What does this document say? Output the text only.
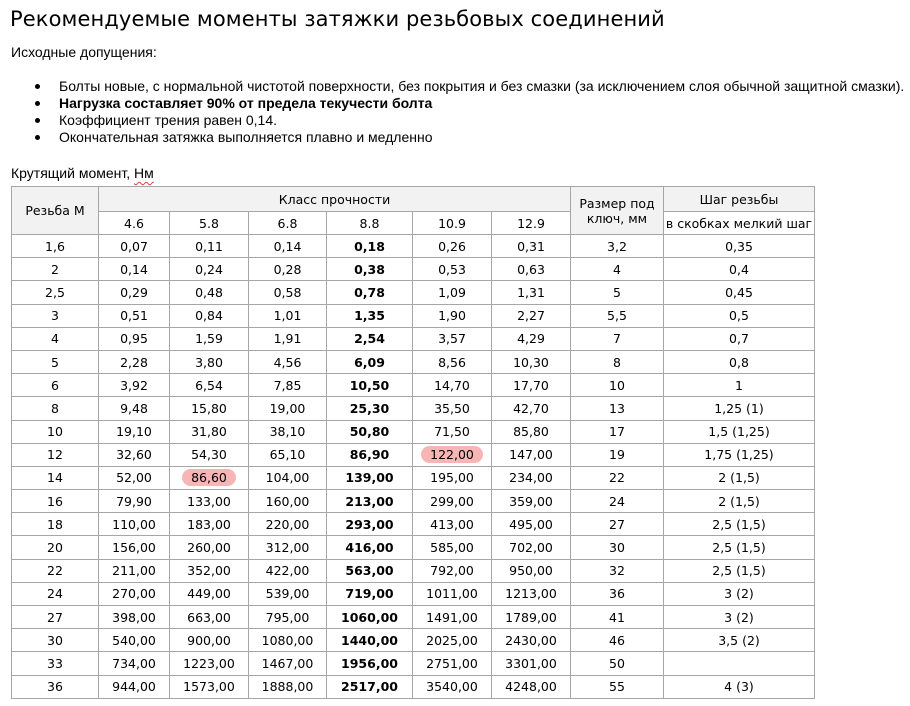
Рекомендуемые моменты затяжки резьбовых соединений

Исходные допущения:

Болты новые, с нормальной чистотой поверхности, без покрытия и без смазки (за исключением слоя обычной защитной смазки).
Нагрузка составляет 90% от предела текучести болта
Коэффициент трения равен 0,14.
Окончательная затяжка выполняется плавно и медленно

Крутящий момент, Нм

Резьба М	Класс прочности						Размер под ключ, мм	Шаг резьбы
	4.6	5.8	6.8	8.8	10.9	12.9		в скобках мелкий шаг
1,6	0,07	0,11	0,14	0,18	0,26	0,31	3,2	0,35
2	0,14	0,24	0,28	0,38	0,53	0,63	4	0,4
2,5	0,29	0,48	0,58	0,78	1,09	1,31	5	0,45
3	0,51	0,84	1,01	1,35	1,90	2,27	5,5	0,5
4	0,95	1,59	1,91	2,54	3,57	4,29	7	0,7
5	2,28	3,80	4,56	6,09	8,56	10,30	8	0,8
6	3,92	6,54	7,85	10,50	14,70	17,70	10	1
8	9,48	15,80	19,00	25,30	35,50	42,70	13	1,25 (1)
10	19,10	31,80	38,10	50,80	71,50	85,80	17	1,5 (1,25)
12	32,60	54,30	65,10	86,90	122,00	147,00	19	1,75 (1,25)
14	52,00	86,60	104,00	139,00	195,00	234,00	22	2 (1,5)
16	79,90	133,00	160,00	213,00	299,00	359,00	24	2 (1,5)
18	110,00	183,00	220,00	293,00	413,00	495,00	27	2,5 (1,5)
20	156,00	260,00	312,00	416,00	585,00	702,00	30	2,5 (1,5)
22	211,00	352,00	422,00	563,00	792,00	950,00	32	2,5 (1,5)
24	270,00	449,00	539,00	719,00	1011,00	1213,00	36	3 (2)
27	398,00	663,00	795,00	1060,00	1491,00	1789,00	41	3 (2)
30	540,00	900,00	1080,00	1440,00	2025,00	2430,00	46	3,5 (2)
33	734,00	1223,00	1467,00	1956,00	2751,00	3301,00	50	
36	944,00	1573,00	1888,00	2517,00	3540,00	4248,00	55	4 (3)
